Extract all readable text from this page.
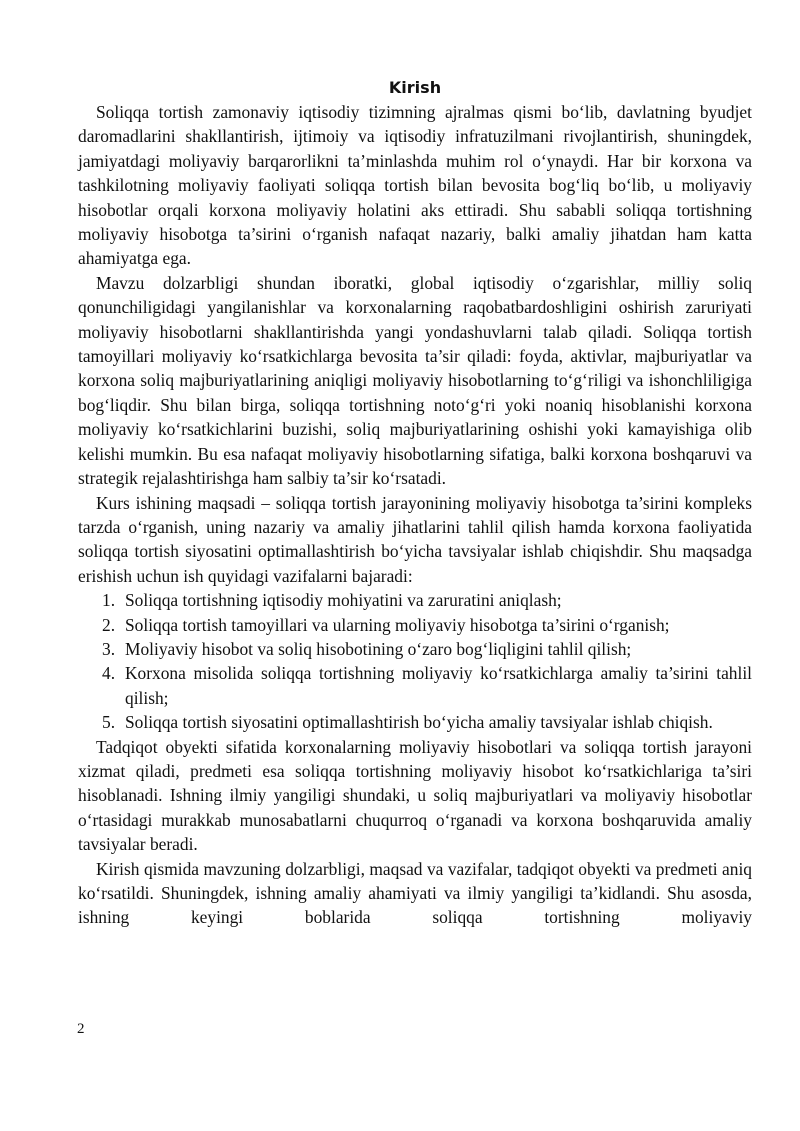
Kirish

Soliqqa tortish zamonaviy iqtisodiy tizimning ajralmas qismi bo‘lib, davlatning byudjet daromadlarini shakllantirish, ijtimoiy va iqtisodiy infratuzilmani rivojlantirish, shuningdek, jamiyatdagi moliyaviy barqarorlikni ta’minlashda muhim rol o‘ynaydi. Har bir korxona va tashkilotning moliyaviy faoliyati soliqqa tortish bilan bevosita bog‘liq bo‘lib, u moliyaviy hisobotlar orqali korxona moliyaviy holatini aks ettiradi. Shu sababli soliqqa tortishning moliyaviy hisobotga ta’sirini o‘rganish nafaqat nazariy, balki amaliy jihatdan ham katta ahamiyatga ega.

Mavzu dolzarbligi shundan iboratki, global iqtisodiy o‘zgarishlar, milliy soliq qonunchiligidagi yangilanishlar va korxonalarning raqobatbardoshligini oshirish zaruriyati moliyaviy hisobotlarni shakllantirishda yangi yondashuvlarni talab qiladi. Soliqqa tortish tamoyillari moliyaviy ko‘rsatkichlarga bevosita ta’sir qiladi: foyda, aktivlar, majburiyatlar va korxona soliq majburiyatlarining aniqligi moliyaviy hisobotlarning to‘g‘riligi va ishonchliligiga bog‘liqdir. Shu bilan birga, soliqqa tortishning noto‘g‘ri yoki noaniq hisoblanishi korxona moliyaviy ko‘rsatkichlarini buzishi, soliq majburiyatlarining oshishi yoki kamayishiga olib kelishi mumkin. Bu esa nafaqat moliyaviy hisobotlarning sifatiga, balki korxona boshqaruvi va strategik rejalashtirishga ham salbiy ta’sir ko‘rsatadi.

Kurs ishining maqsadi – soliqqa tortish jarayonining moliyaviy hisobotga ta’sirini kompleks tarzda o‘rganish, uning nazariy va amaliy jihatlarini tahlil qilish hamda korxona faoliyatida soliqqa tortish siyosatini optimallashtirish bo‘yicha tavsiyalar ishlab chiqishdir. Shu maqsadga erishish uchun ish quyidagi vazifalarni bajaradi:

1. Soliqqa tortishning iqtisodiy mohiyatini va zaruratini aniqlash;
2. Soliqqa tortish tamoyillari va ularning moliyaviy hisobotga ta’sirini o‘rganish;
3. Moliyaviy hisobot va soliq hisobotining o‘zaro bog‘liqligini tahlil qilish;
4. Korxona misolida soliqqa tortishning moliyaviy ko‘rsatkichlarga amaliy ta’sirini tahlil qilish;
5. Soliqqa tortish siyosatini optimallashtirish bo‘yicha amaliy tavsiyalar ishlab chiqish.

Tadqiqot obyekti sifatida korxonalarning moliyaviy hisobotlari va soliqqa tortish jarayoni xizmat qiladi, predmeti esa soliqqa tortishning moliyaviy hisobot ko‘rsatkichlariga ta’siri hisoblanadi. Ishning ilmiy yangiligi shundaki, u soliq majburiyatlari va moliyaviy hisobotlar o‘rtasidagi murakkab munosabatlarni chuqurroq o‘rganadi va korxona boshqaruvida amaliy tavsiyalar beradi.

Kirish qismida mavzuning dolzarbligi, maqsad va vazifalar, tadqiqot obyekti va predmeti aniq ko‘rsatildi. Shuningdek, ishning amaliy ahamiyati va ilmiy yangiligi ta’kidlandi. Shu asosda, ishning keyingi boblarida soliqqa tortishning moliyaviy

2
